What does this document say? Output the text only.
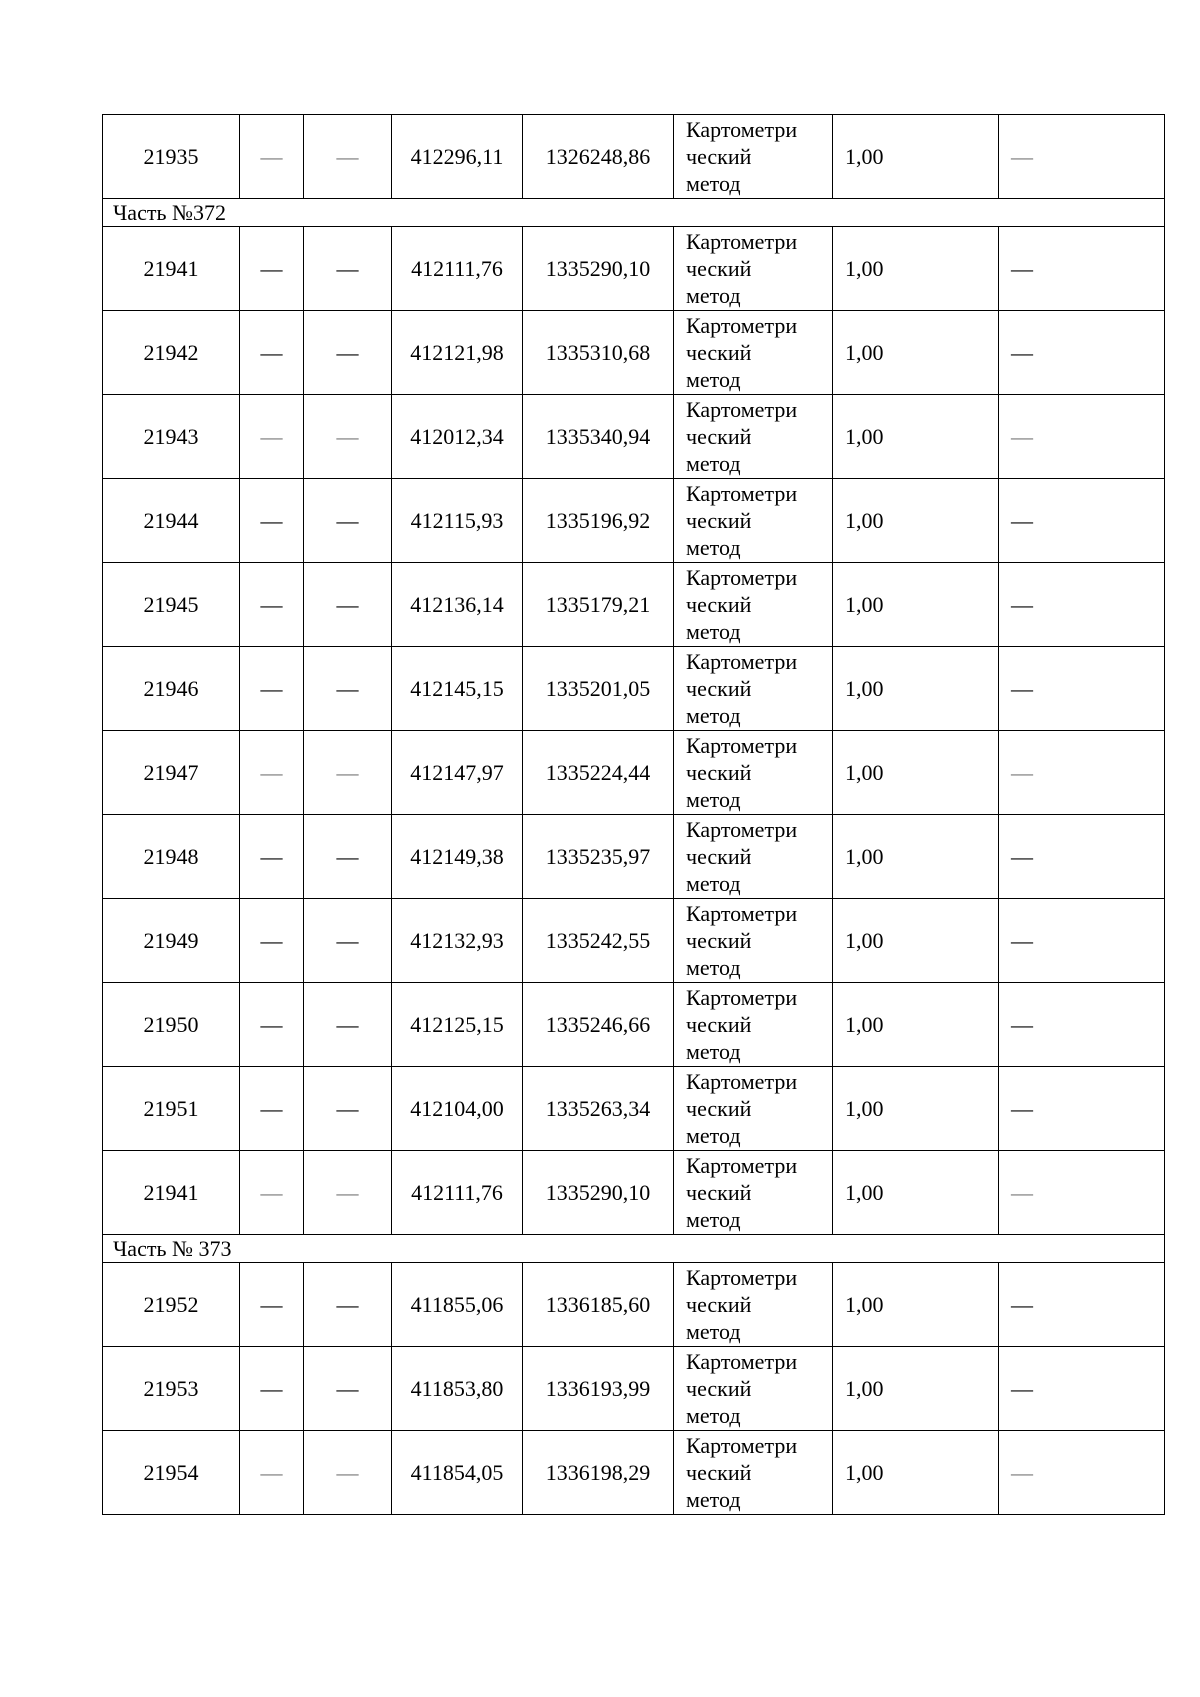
21935	—	—	412296,11	1326248,86	Картометри
ческий
метод	1,00	—
Часть №372							
21941	—	—	412111,76	1335290,10	Картометри
ческий
метод	1,00	—
21942	—	—	412121,98	1335310,68	Картометри
ческий
метод	1,00	—
21943	—	—	412012,34	1335340,94	Картометри
ческий
метод	1,00	—
21944	—	—	412115,93	1335196,92	Картометри
ческий
метод	1,00	—
21945	—	—	412136,14	1335179,21	Картометри
ческий
метод	1,00	—
21946	—	—	412145,15	1335201,05	Картометри
ческий
метод	1,00	—
21947	—	—	412147,97	1335224,44	Картометри
ческий
метод	1,00	—
21948	—	—	412149,38	1335235,97	Картометри
ческий
метод	1,00	—
21949	—	—	412132,93	1335242,55	Картометри
ческий
метод	1,00	—
21950	—	—	412125,15	1335246,66	Картометри
ческий
метод	1,00	—
21951	—	—	412104,00	1335263,34	Картометри
ческий
метод	1,00	—
21941	—	—	412111,76	1335290,10	Картометри
ческий
метод	1,00	—
Часть № 373							
21952	—	—	411855,06	1336185,60	Картометри
ческий
метод	1,00	—
21953	—	—	411853,80	1336193,99	Картометри
ческий
метод	1,00	—
21954	—	—	411854,05	1336198,29	Картометри
ческий
метод	1,00	—
